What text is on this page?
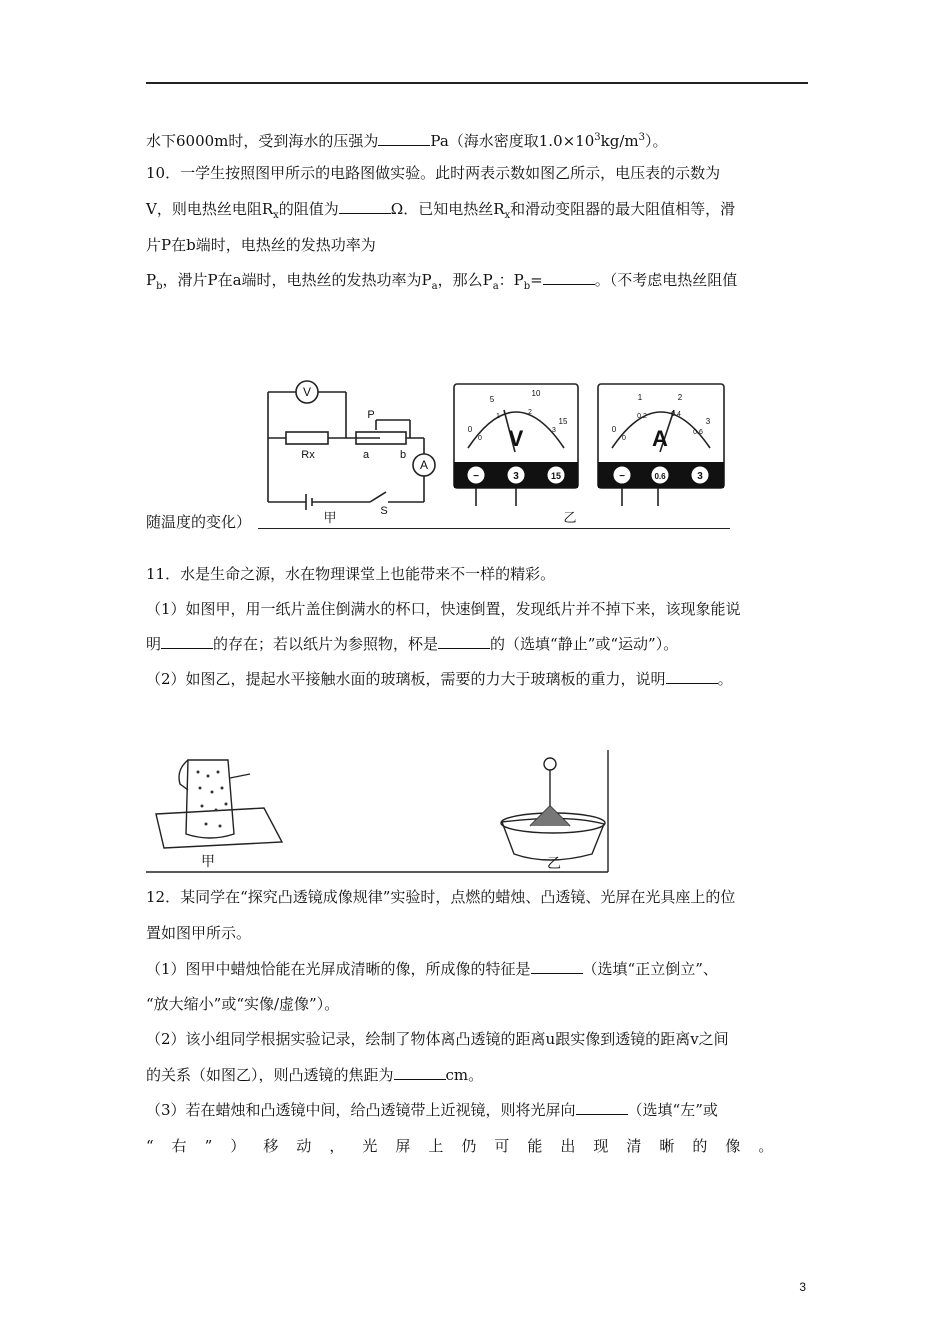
水下6000m时，受到海水的压强为	Pa（海水密度取$1.0\times 10^3kg/m^3$）。
10．一学生按照图甲所示的电路图做实验。此时两表示数如图乙所示，电压表的示数为
V，则电热丝电阻$R_x$的阻值为	Ω．已知电热丝$R_x$和滑动变阻器的最大阻值相等，滑
片P在b端时，电热丝的发热功率为
$P_b$，滑片P在a端时，电热丝的发热功率为$P_a$，那么$P_a$：$P_b=$	。（不考虑电热丝阻值
V
A
Rx	a	b
P
S
甲	乙
V	A
0
5
10
15
0
1
2
3	0
1	2
3
0
0.2	0.4
0.6
−	3	15	−	0.6	3
随温度的变化）
11．水是生命之源，水在物理课堂上也能带来不一样的精彩。
（1）如图甲，用一纸片盖住倒满水的杯口，快速倒置，发现纸片并不掉下来，该现象能说
明	的存在；若以纸片为参照物，杯是	的（选填“静止”或“运动”）。
（2）如图乙，提起水平接触水面的玻璃板，需要的力大于玻璃板的重力，说明	。
甲	乙
12．某同学在“探究凸透镜成像规律”实验时，点燃的蜡烛、凸透镜、光屏在光具座上的位
置如图甲所示。
（1）图甲中蜡烛恰能在光屏成清晰的像，所成像的特征是	（选填“正立倒立”、
“放大缩小”或“实像/虚像”）。
（2）该小组同学根据实验记录，绘制了物体离凸透镜的距离u跟实像到透镜的距离v之间
的关系（如图乙），则凸透镜的焦距为	cm。
（3）若在蜡烛和凸透镜中间，给凸透镜带上近视镜，则将光屏向	（选填“左”或
“右”）移动，光屏上仍可能出现清晰的像。
3
